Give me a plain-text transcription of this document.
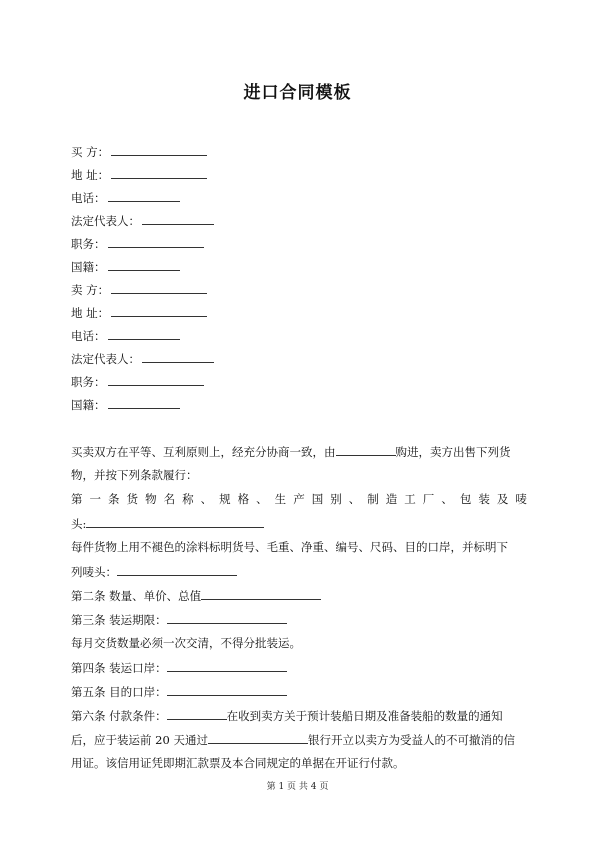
进口合同模板
买 方：
地 址：
电话：
法定代表人：
职务：
国籍：
卖 方：
地 址：
电话：
法定代表人：
职务：
国籍：
买卖双方在平等、互利原则上，经充分协商一致，由	购进，卖方出售下列货
物，并按下列条款履行：
第 一 条 货 物 名 称 、 规 格 、 生 产 国 别 、 制 造 工 厂 、 包 装 及 唛
头:
每件货物上用不褪色的涂料标明货号、毛重、净重、编号、尺码、目的口岸，并标明下
列唛头：
第二条 数量、单价、总值
第三条 装运期限：
每月交货数量必须一次交清，不得分批装运。
第四条 装运口岸：
第五条 目的口岸：
第六条 付款条件：	在收到卖方关于预计装船日期及准备装船的数量的通知
后，应于装运前 20 天通过	银行开立以卖方为受益人的不可撤消的信
用证。该信用证凭即期汇款票及本合同规定的单据在开证行付款。
第 1 页 共 4 页
